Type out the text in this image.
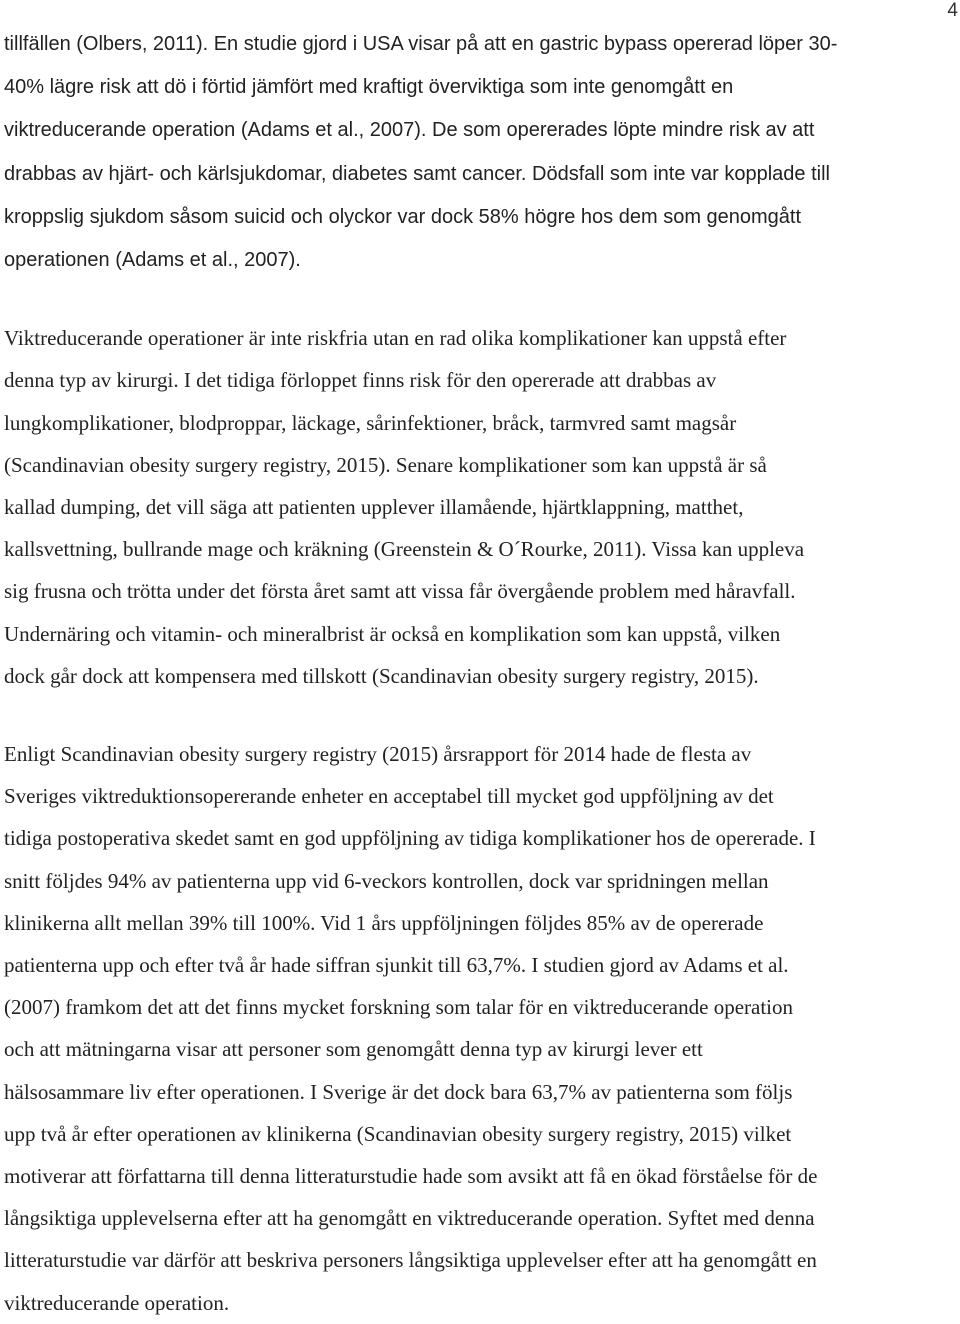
4

tillfällen (Olbers, 2011). En studie gjord i USA visar på att en gastric bypass opererad löper 30-
40% lägre risk att dö i förtid jämfört med kraftigt överviktiga som inte genomgått en
viktreducerande operation (Adams et al., 2007). De som opererades löpte mindre risk av att
drabbas av hjärt- och kärlsjukdomar, diabetes samt cancer. Dödsfall som inte var kopplade till
kroppslig sjukdom såsom suicid och olyckor var dock 58% högre hos dem som genomgått
operationen (Adams et al., 2007).

Viktreducerande operationer är inte riskfria utan en rad olika komplikationer kan uppstå efter
denna typ av kirurgi. I det tidiga förloppet finns risk för den opererade att drabbas av
lungkomplikationer, blodproppar, läckage, sårinfektioner, bråck, tarmvred samt magsår
(Scandinavian obesity surgery registry, 2015). Senare komplikationer som kan uppstå är så
kallad dumping, det vill säga att patienten upplever illamående, hjärtklappning, matthet,
kallsvettning, bullrande mage och kräkning (Greenstein & O´Rourke, 2011). Vissa kan uppleva
sig frusna och trötta under det första året samt att vissa får övergående problem med håravfall.
Undernäring och vitamin- och mineralbrist är också en komplikation som kan uppstå, vilken
dock går dock att kompensera med tillskott (Scandinavian obesity surgery registry, 2015).

Enligt Scandinavian obesity surgery registry (2015) årsrapport för 2014 hade de flesta av
Sveriges viktreduktionsopererande enheter en acceptabel till mycket god uppföljning av det
tidiga postoperativa skedet samt en god uppföljning av tidiga komplikationer hos de opererade. I
snitt följdes 94% av patienterna upp vid 6-veckors kontrollen, dock var spridningen mellan
klinikerna allt mellan 39% till 100%. Vid 1 års uppföljningen följdes 85% av de opererade
patienterna upp och efter två år hade siffran sjunkit till 63,7%. I studien gjord av Adams et al.
(2007) framkom det att det finns mycket forskning som talar för en viktreducerande operation
och att mätningarna visar att personer som genomgått denna typ av kirurgi lever ett
hälsosammare liv efter operationen. I Sverige är det dock bara 63,7% av patienterna som följs
upp två år efter operationen av klinikerna (Scandinavian obesity surgery registry, 2015) vilket
motiverar att författarna till denna litteraturstudie hade som avsikt att få en ökad förståelse för de
långsiktiga upplevelserna efter att ha genomgått en viktreducerande operation. Syftet med denna
litteraturstudie var därför att beskriva personers långsiktiga upplevelser efter att ha genomgått en
viktreducerande operation.
